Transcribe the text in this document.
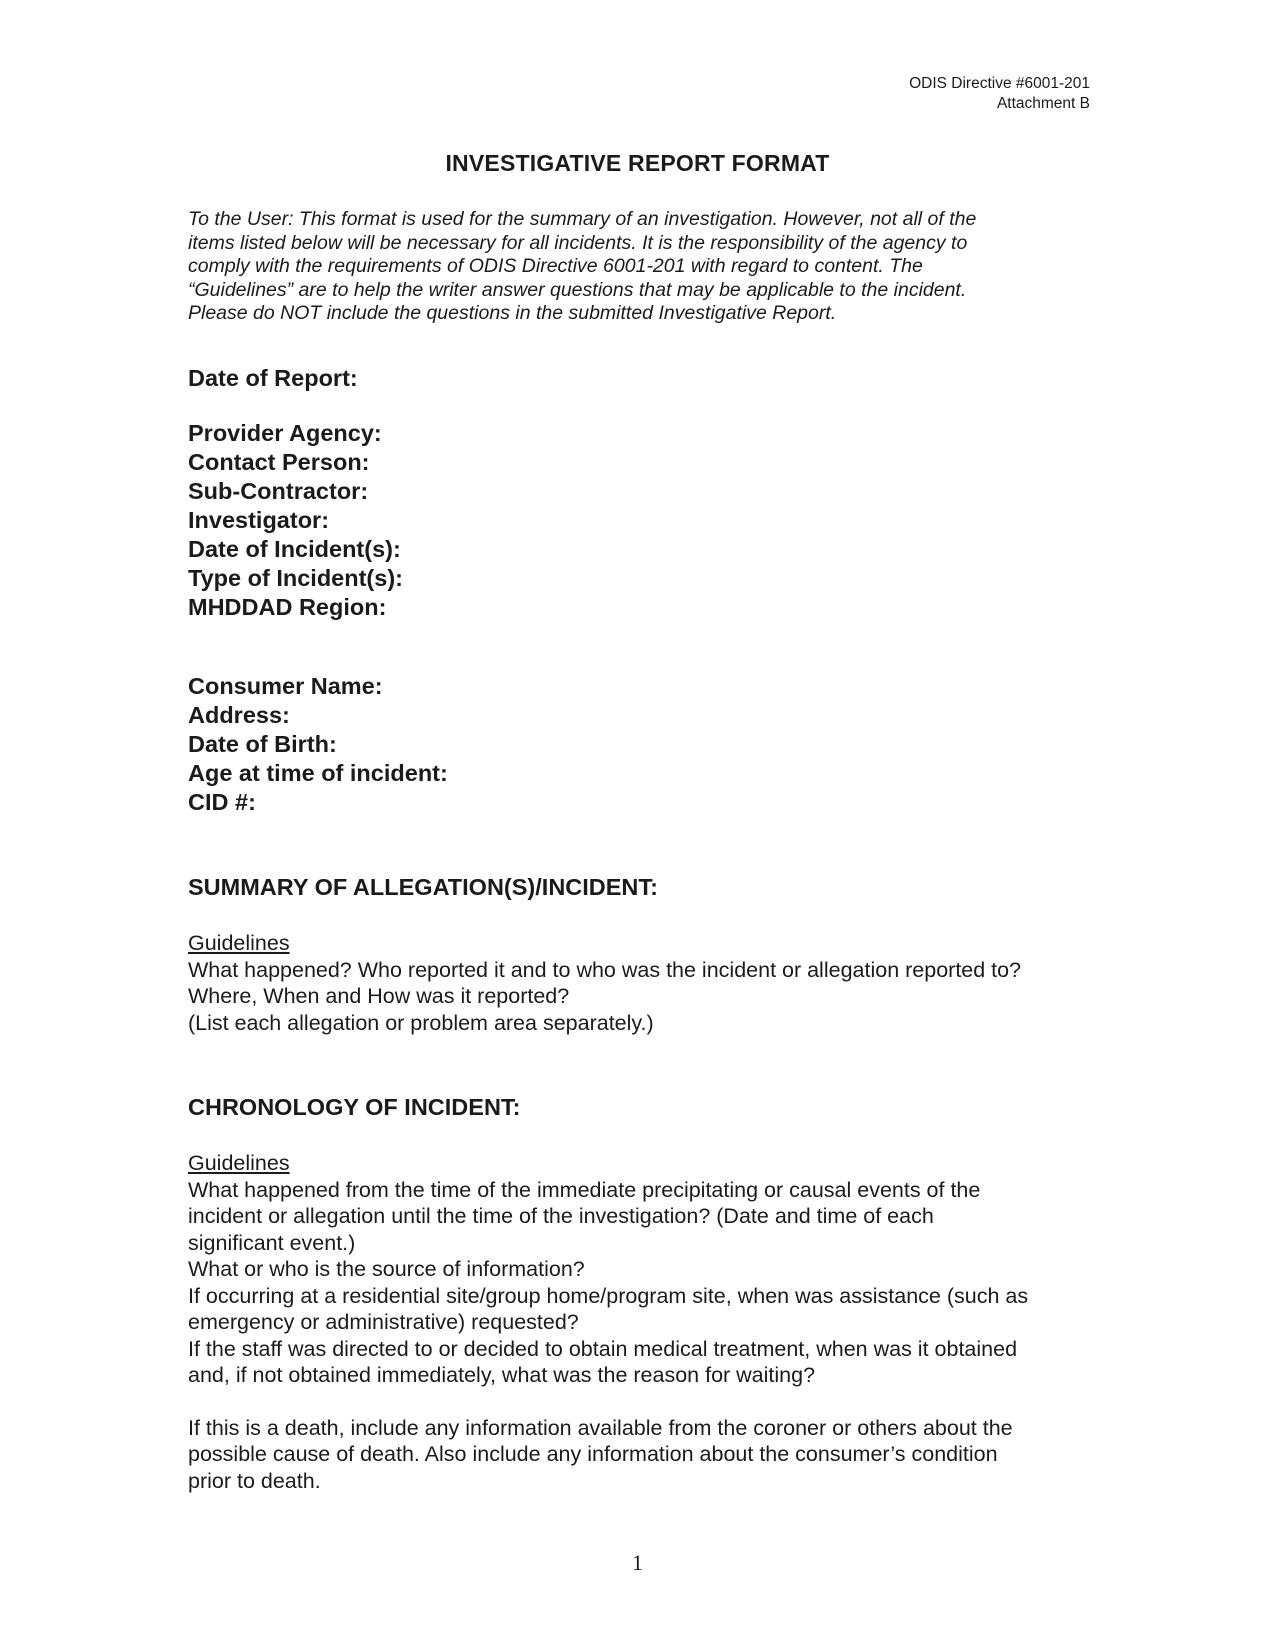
ODIS Directive #6001-201
Attachment B
INVESTIGATIVE REPORT FORMAT
To the User: This format is used for the summary of an investigation. However, not all of the
items listed below will be necessary for all incidents. It is the responsibility of the agency to
comply with the requirements of ODIS Directive 6001-201 with regard to content. The
“Guidelines” are to help the writer answer questions that may be applicable to the incident.
Please do NOT include the questions in the submitted Investigative Report.
Date of Report:
Provider Agency:
Contact Person:
Sub-Contractor:
Investigator:
Date of Incident(s):
Type of Incident(s):
MHDDAD Region:
Consumer Name:
Address:
Date of Birth:
Age at time of incident:
CID #:
SUMMARY OF ALLEGATION(S)/INCIDENT:
Guidelines
What happened? Who reported it and to who was the incident or allegation reported to?
Where, When and How was it reported?
(List each allegation or problem area separately.)
CHRONOLOGY OF INCIDENT:
Guidelines
What happened from the time of the immediate precipitating or causal events of the
incident or allegation until the time of the investigation? (Date and time of each
significant event.)
What or who is the source of information?
If occurring at a residential site/group home/program site, when was assistance (such as
emergency or administrative) requested?
If the staff was directed to or decided to obtain medical treatment, when was it obtained
and, if not obtained immediately, what was the reason for waiting?
If this is a death, include any information available from the coroner or others about the
possible cause of death. Also include any information about the consumer’s condition
prior to death.
1
